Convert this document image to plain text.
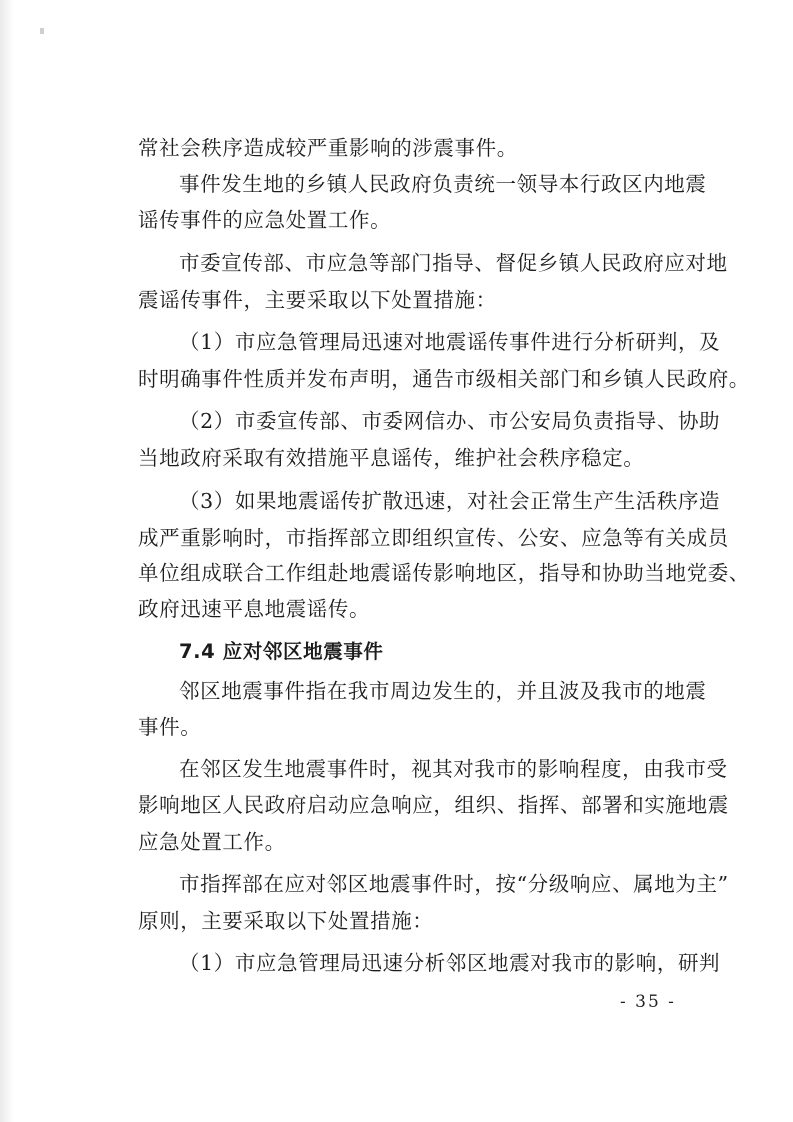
常社会秩序造成较严重影响的涉震事件。
事件发生地的乡镇人民政府负责统一领导本行政区内地震
谣传事件的应急处置工作。
市委宣传部、市应急等部门指导、督促乡镇人民政府应对地
震谣传事件，主要采取以下处置措施：
（1）市应急管理局迅速对地震谣传事件进行分析研判，及
时明确事件性质并发布声明，通告市级相关部门和乡镇人民政府。
（2）市委宣传部、市委网信办、市公安局负责指导、协助
当地政府采取有效措施平息谣传，维护社会秩序稳定。
（3）如果地震谣传扩散迅速，对社会正常生产生活秩序造
成严重影响时，市指挥部立即组织宣传、公安、应急等有关成员
单位组成联合工作组赴地震谣传影响地区，指导和协助当地党委、
政府迅速平息地震谣传。
7.4 应对邻区地震事件
邻区地震事件指在我市周边发生的，并且波及我市的地震
事件。
在邻区发生地震事件时，视其对我市的影响程度，由我市受
影响地区人民政府启动应急响应，组织、指挥、部署和实施地震
应急处置工作。
市指挥部在应对邻区地震事件时，按“分级响应、属地为主”
原则，主要采取以下处置措施：
（1）市应急管理局迅速分析邻区地震对我市的影响，研判
- 35 -
